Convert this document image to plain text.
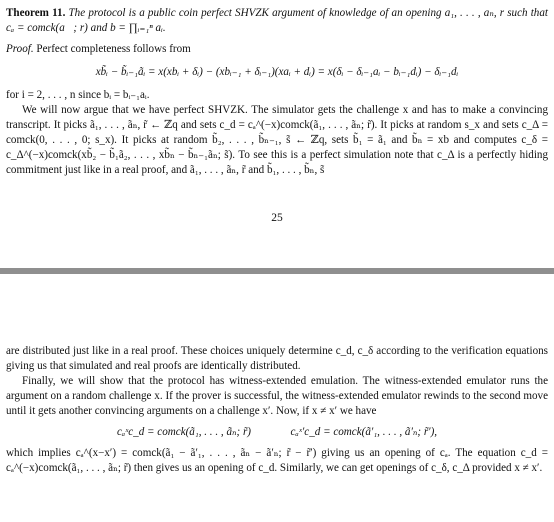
Theorem 11. The protocol is a public coin perfect SHVZK argument of knowledge of an opening a₁, . . . , aₙ, r such that cₐ = comck(a⃗; r) and b = ∏ᵢ₌₁ⁿ aᵢ.

Proof. Perfect completeness follows from

xb̃ᵢ − b̃ᵢ₋₁ãᵢ = x(xbᵢ + δᵢ) − (xbᵢ₋₁ + δᵢ₋₁)(xaᵢ + dᵢ) = x(δᵢ − δᵢ₋₁aᵢ − bᵢ₋₁dᵢ) − δᵢ₋₁dᵢ

for i = 2, . . . , n since bᵢ = bᵢ₋₁aᵢ.

We will now argue that we have perfect SHVZK. The simulator gets the challenge x and has to make a convincing transcript. It picks ã₁, . . . , ãₙ, r̃ ← ℤq and sets c_d = cₐ^(−x)comck(ã₁, . . . , ãₙ; r̃). It picks at random s_x and sets c_Δ = comck(0, . . . , 0; s_x). It picks at random b̃₂, . . . , b̃ₙ₋₁, s̃ ← ℤq, sets b̃₁ = ã₁ and b̃ₙ = xb and computes c_δ = c_Δ^(−x)comck(xb̃₂ − b̃₁ã₂, . . . , xb̃ₙ − b̃ₙ₋₁ãₙ; s̃). To see this is a perfect simulation note that c_Δ is a perfectly hiding commitment just like in a real proof, and ã₁, . . . , ãₙ, r̃ and b̃₁, . . . , b̃ₙ, s̃

25

are distributed just like in a real proof. These choices uniquely determine c_d, c_δ according to the verification equations giving us that simulated and real proofs are identically distributed.

Finally, we will show that the protocol has witness-extended emulation. The witness-extended emulator runs the argument on a random challenge x. If the prover is successful, the witness-extended emulator rewinds to the second move until it gets another convincing arguments on a challenge x′. Now, if x ≠ x′ we have

cₐˣc_d = comck(ã₁, . . . , ãₙ; r̃)	cₐˣ′c_d = comck(ã′₁, . . . , ã′ₙ; r̃′),

which implies cₐ^(x−x′) = comck(ã₁ − ã′₁, . . . , ãₙ − ã′ₙ; r̃ − r̃′) giving us an opening of cₐ. The equation c_d = cₐ^(−x)comck(ã₁, . . . , ãₙ; r̃) then gives us an opening of c_d. Similarly, we can get openings of c_δ, c_Δ provided x ≠ x′.
